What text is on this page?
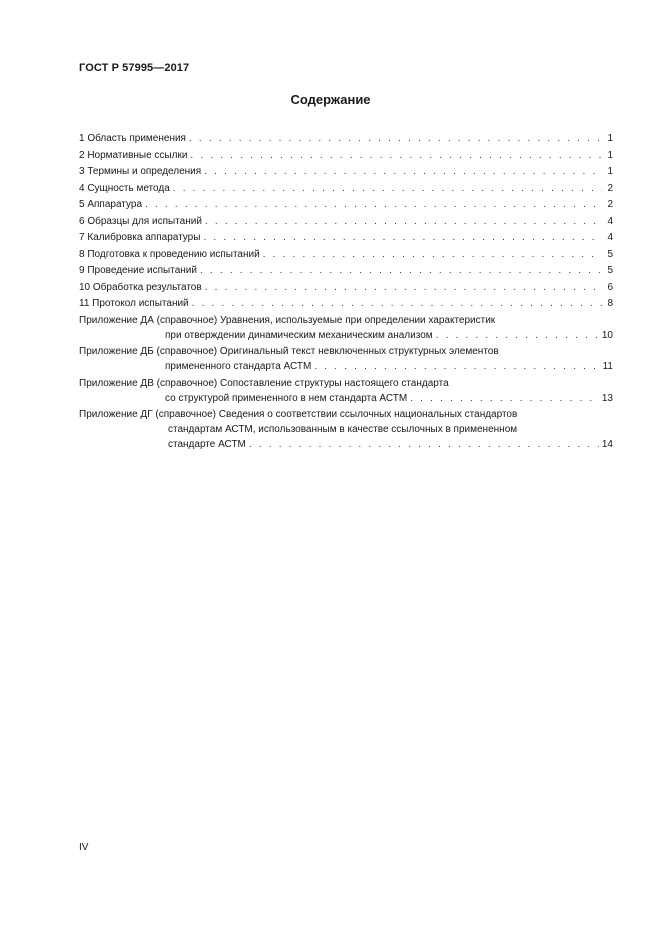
ГОСТ Р 57995—2017
Содержание
1 Область применения . . .	1
2 Нормативные ссылки . . .	1
3 Термины и определения . . .	1
4 Сущность метода . . .	2
5 Аппаратура . . .	2
6 Образцы для испытаний . . .	4
7 Калибровка аппаратуры . . .	4
8 Подготовка к проведению испытаний . . .	5
9 Проведение испытаний . . .	5
10 Обработка результатов . . .	6
11 Протокол испытаний . . .	8
Приложение ДА (справочное) Уравнения, используемые при определении характеристик
при отверждении динамическим механическим анализом . . .	10
Приложение ДБ (справочное) Оригинальный текст невключенных структурных элементов
примененного стандарта АСТМ . . .	11
Приложение ДВ (справочное) Сопоставление структуры настоящего стандарта
со структурой примененного в нем стандарта АСТМ . . .	13
Приложение ДГ (справочное) Сведения о соответствии ссылочных национальных стандартов
стандартам АСТМ, использованным в качестве ссылочных в примененном
стандарте АСТМ . . .	14
IV
